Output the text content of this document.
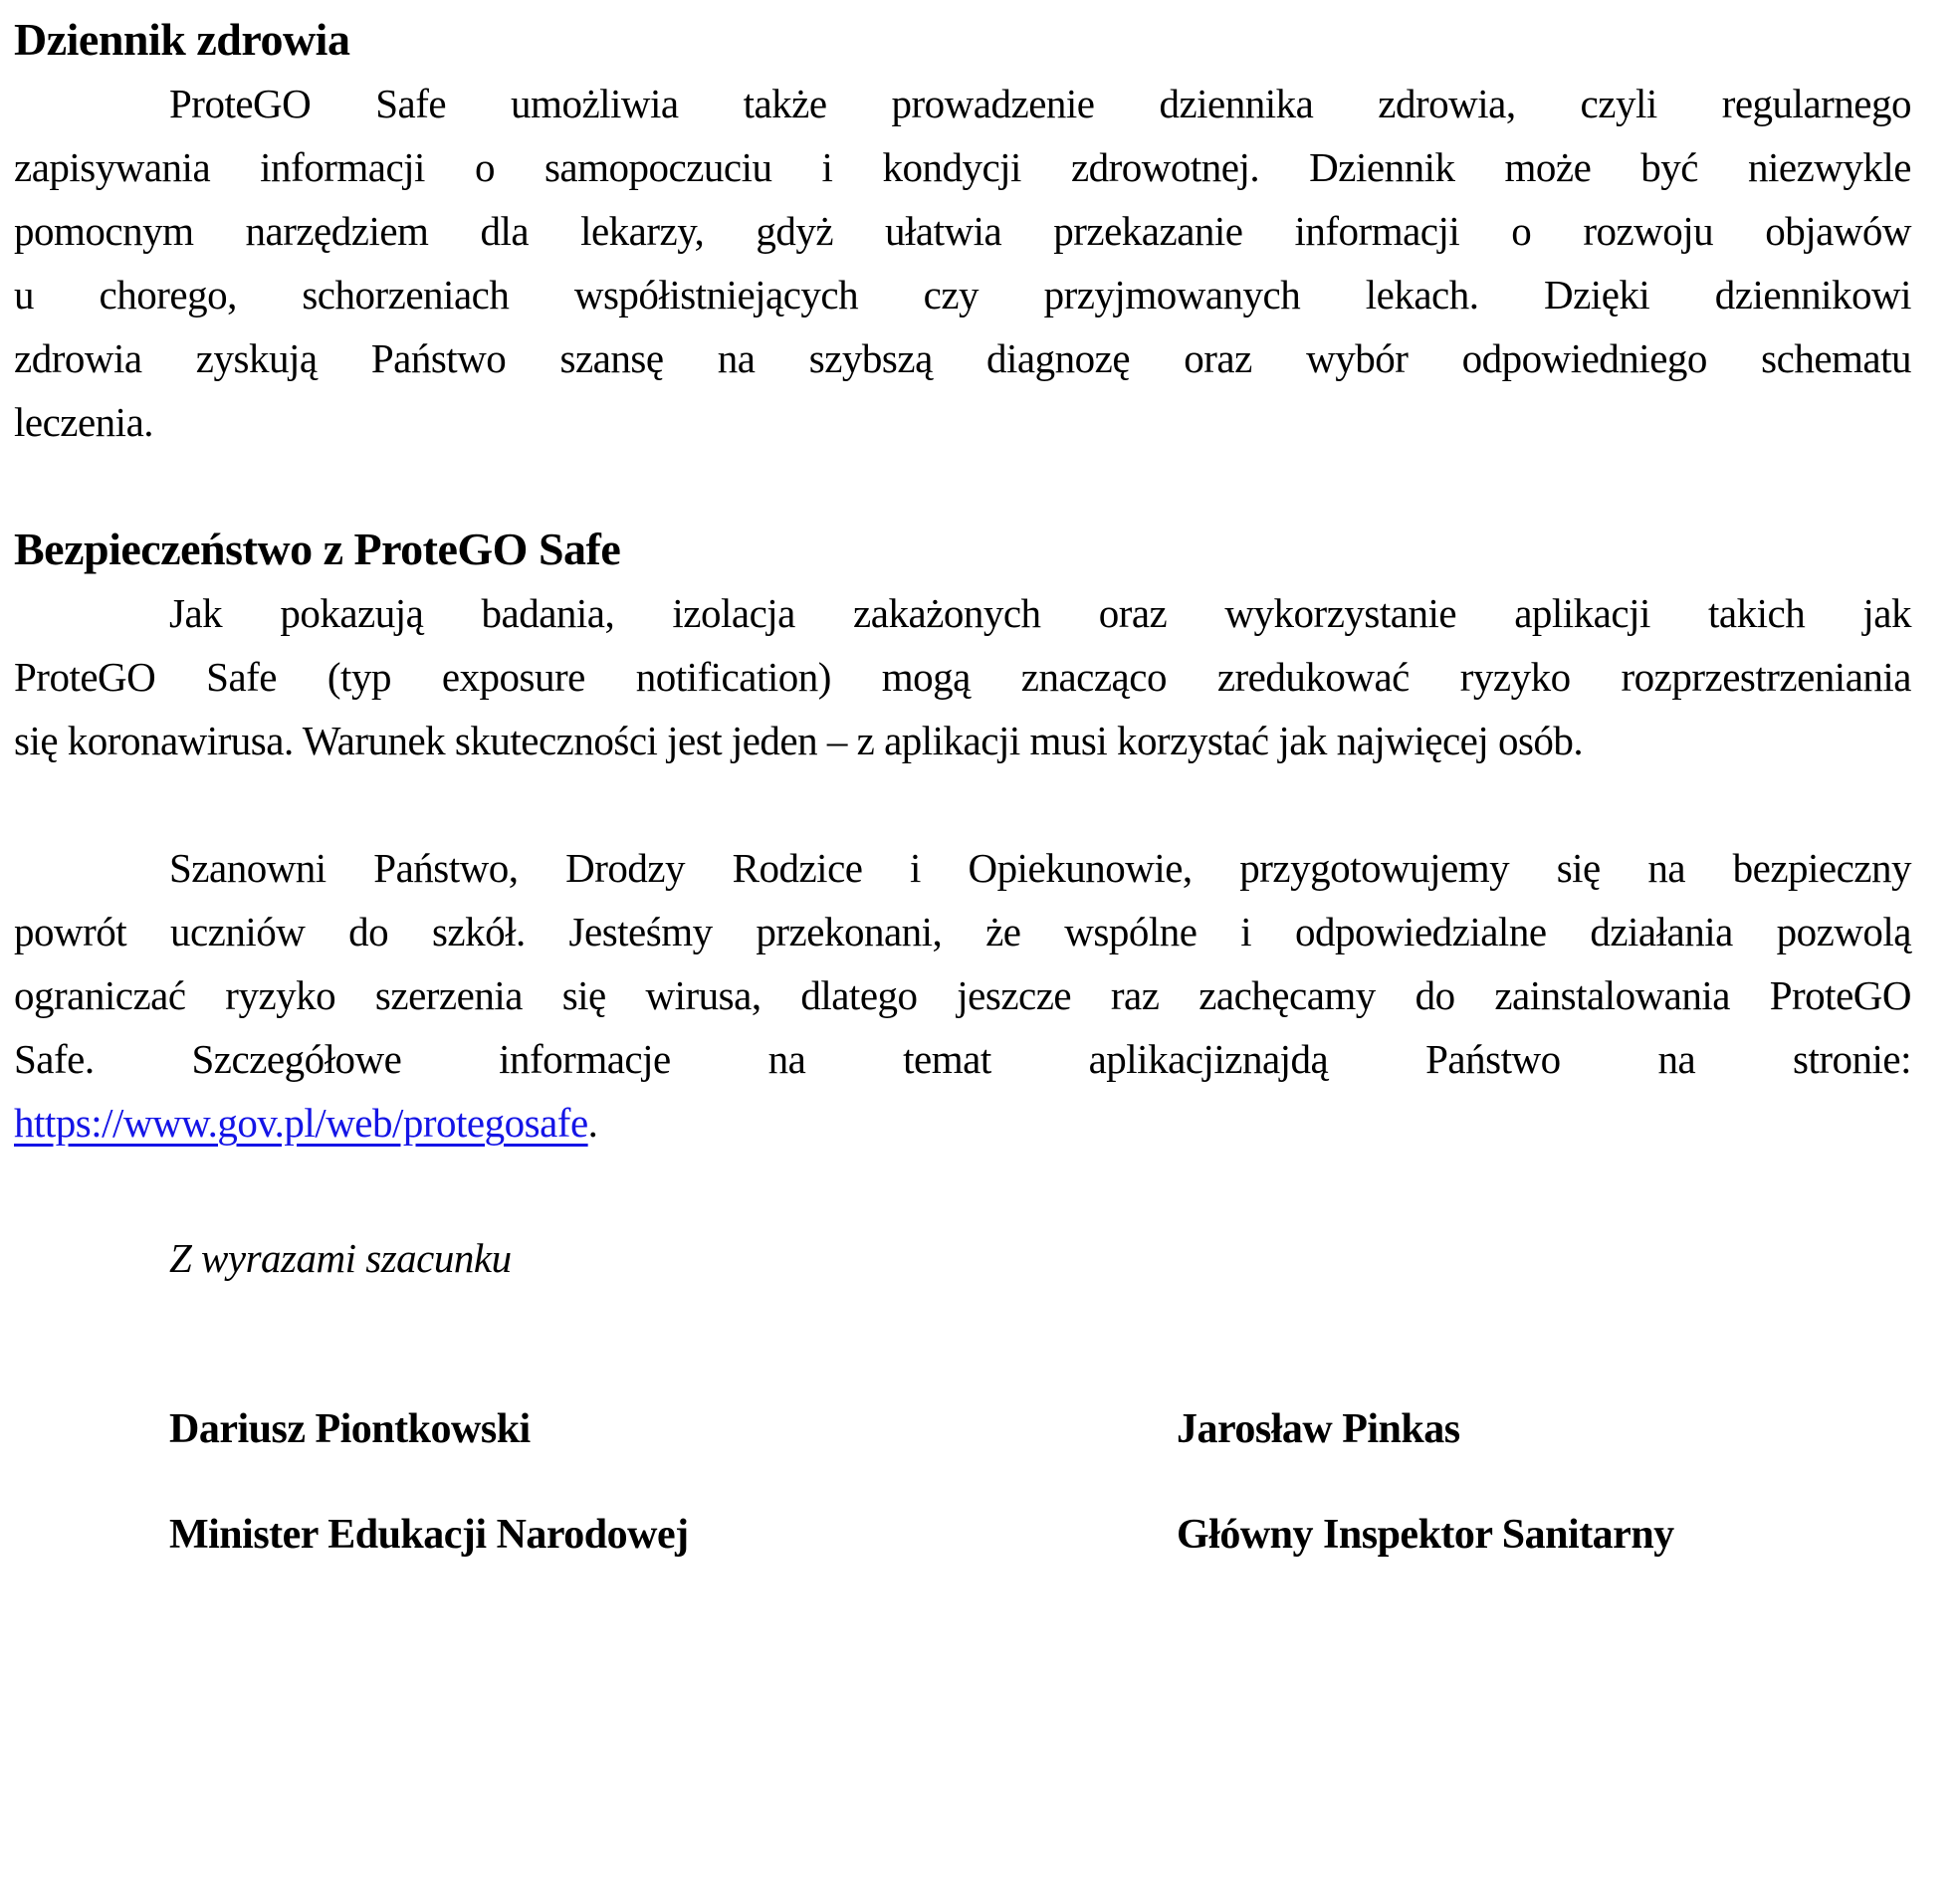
Dziennik zdrowia
ProteGO Safe umożliwia także prowadzenie dziennika zdrowia, czyli regularnego
zapisywania informacji o samopoczuciu i kondycji zdrowotnej. Dziennik może być niezwykle
pomocnym narzędziem dla lekarzy, gdyż ułatwia przekazanie informacji o rozwoju objawów
u chorego, schorzeniach współistniejących czy przyjmowanych lekach. Dzięki dziennikowi
zdrowia zyskują Państwo szansę na szybszą diagnozę oraz wybór odpowiedniego schematu
leczenia.
Bezpieczeństwo z ProteGO Safe
Jak pokazują badania, izolacja zakażonych oraz wykorzystanie aplikacji takich jak
ProteGO Safe (typ exposure notification) mogą znacząco zredukować ryzyko rozprzestrzeniania
się koronawirusa. Warunek skuteczności jest jeden – z aplikacji musi korzystać jak najwięcej osób.
Szanowni Państwo, Drodzy Rodzice i Opiekunowie, przygotowujemy się na bezpieczny
powrót uczniów do szkół. Jesteśmy przekonani, że wspólne i odpowiedzialne działania pozwolą
ograniczać ryzyko szerzenia się wirusa, dlatego jeszcze raz zachęcamy do zainstalowania ProteGO
Safe. Szczegółowe informacje na temat aplikacjiznajdą Państwo na stronie:
https://www.gov.pl/web/protegosafe.
Z wyrazami szacunku
Dariusz Piontkowski
Minister Edukacji Narodowej
Jarosław Pinkas
Główny Inspektor Sanitarny
